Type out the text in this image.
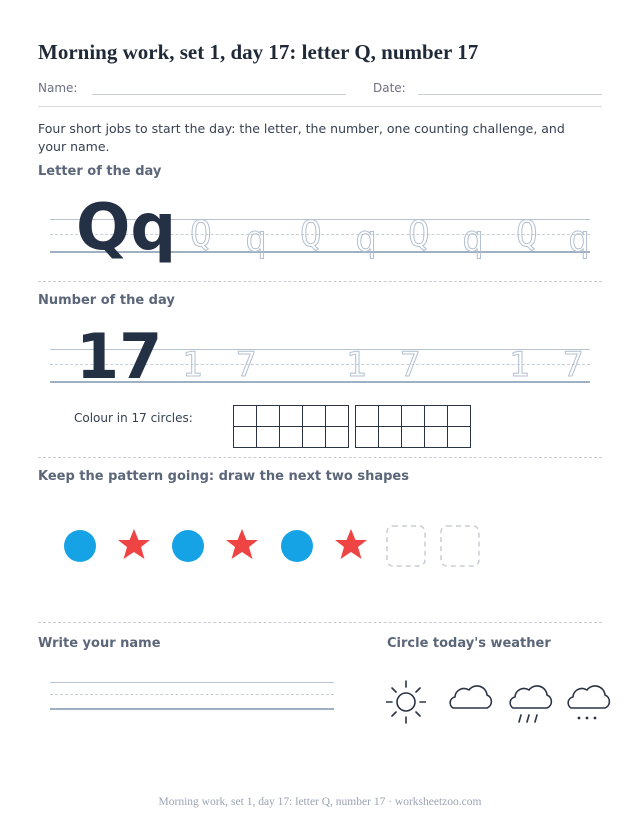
Morning work, set 1, day 17: letter Q, number 17
Name:	Date:
Four short jobs to start the day: the letter, the number, one counting challenge, and your name.
Letter of the day
Qq Q q Q q Q q Q q
Number of the day
17 1 7	1 7	1 7
Colour in 17 circles:

Keep the pattern going: draw the next two shapes
Write your name	Circle today's weather
Morning work, set 1, day 17: letter Q, number 17 · worksheetzoo.com
